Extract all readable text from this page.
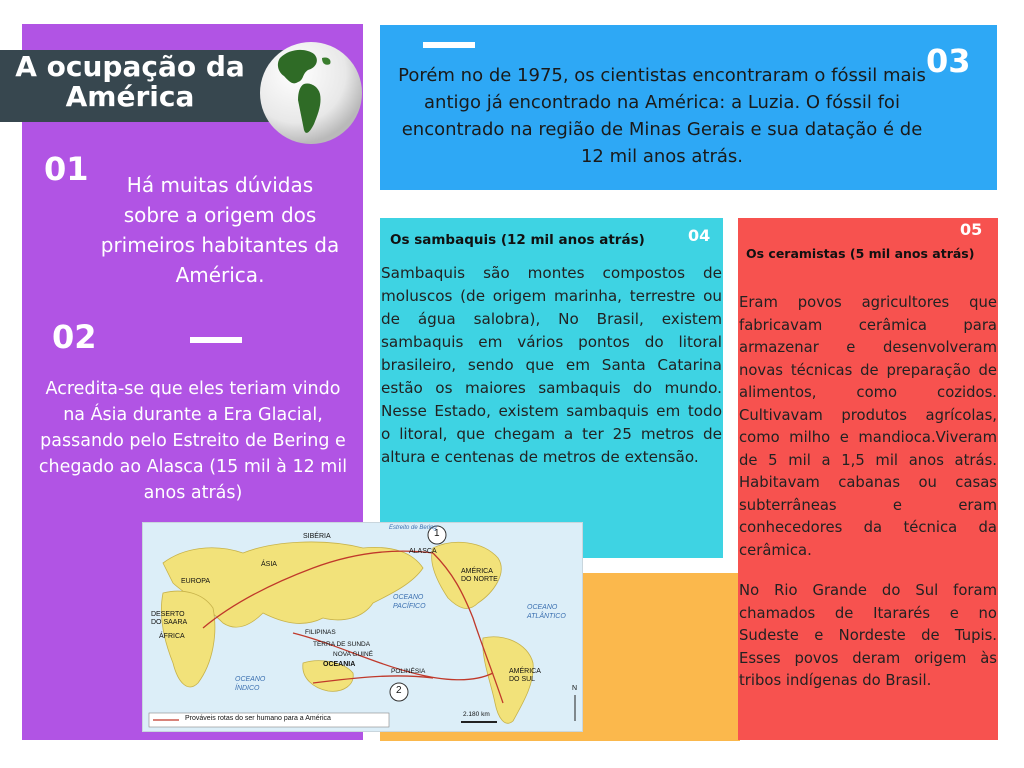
A ocupação da América
01	Há muitas dúvidas sobre a origem dos primeiros habitantes da América.
02
Acredita-se que eles teriam vindo na Ásia durante a Era Glacial, passando pelo Estreito de Bering e chegado ao Alasca (15 mil à 12 mil anos atrás)
03
Porém no de 1975, os cientistas encontraram o fóssil mais antigo já encontrado na América: a Luzia. O fóssil foi encontrado na região de Minas Gerais e sua datação é de 12 mil anos atrás.
Os sambaquis (12 mil anos atrás)	04
Sambaquis são montes compostos de moluscos (de origem marinha, terrestre ou de água salobra), No Brasil, existem sambaquis em vários pontos do litoral brasileiro, sendo que em Santa Catarina estão os maiores sambaquis do mundo. Nesse Estado, existem sambaquis em todo o litoral, que chegam a ter 25 metros de altura e centenas de metros de extensão.
05
Os ceramistas (5 mil anos atrás)
Eram povos agricultores que fabricavam cerâmica para armazenar e desenvolveram novas técnicas de preparação de alimentos, como cozidos. Cultivavam produtos agrícolas, como milho e mandioca.Viveram de 5 mil a 1,5 mil anos atrás. Habitavam cabanas ou casas subterrâneas e eram conhecedores da técnica da cerâmica.
No Rio Grande do Sul foram chamados de Itararés e no Sudeste e Nordeste de Tupis. Esses povos deram origem às tribos indígenas do Brasil.
1
2
SIBÉRIA
ÁSIA
ALASCA
Estreito de Bering
EUROPA
DESERTO DO SAARA
ÁFRICA
AMÉRICA DO NORTE
OCEANO PACÍFICO	OCEANO ATLÂNTICO
FILIPINAS
TERRA DE SUNDA
NOVA GUINÉ
OCEANIA
POLINÉSIA
OCEANO ÍNDICO
AMÉRICA DO SUL
N
Prováveis rotas do ser humano para a América
2.180 km
